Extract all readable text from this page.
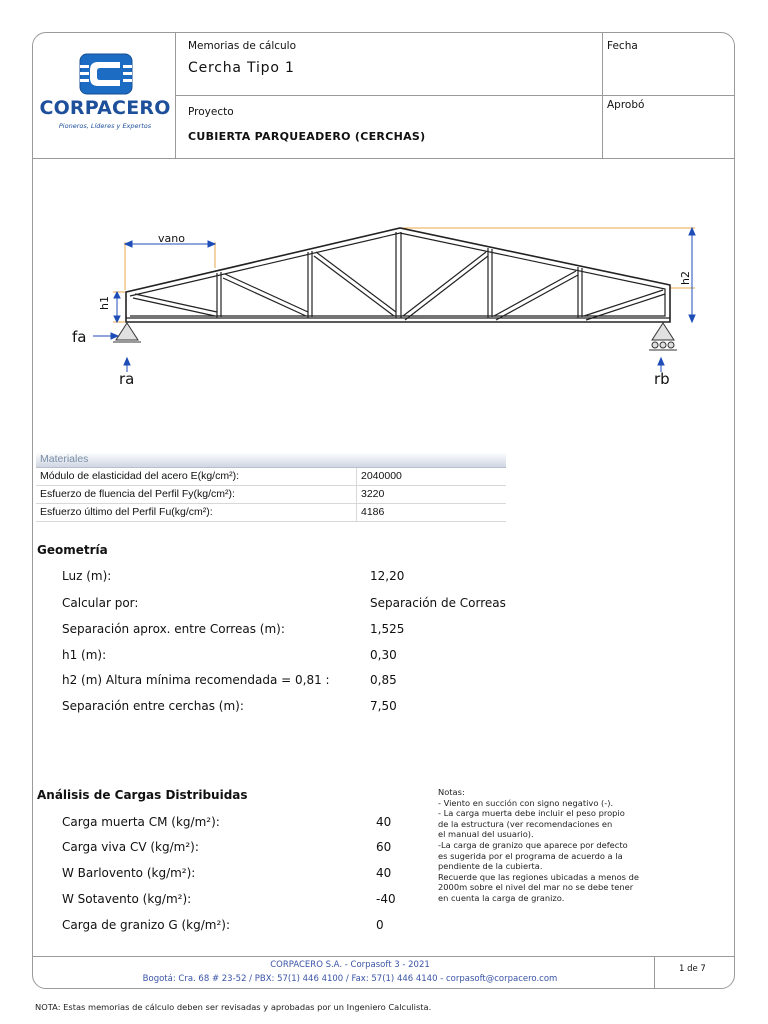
CORPACERO
Pioneros, Líderes y Expertos
Memorias de cálculo
Cercha Tipo 1
Proyecto
CUBIERTA PARQUEADERO (CERCHAS)
Fecha
Aprobó
vano
h1
h2
fa
ra	rb
Materiales
Módulo de elasticidad del acero E(kg/cm²):	2040000
Esfuerzo de fluencia del Perfil Fy(kg/cm²):	3220
Esfuerzo último del Perfil Fu(kg/cm²):	4186
Geometría
Luz (m):	12,20
Calcular por:	Separación de Correas
Separación aprox. entre Correas (m):	1,525
h1 (m):	0,30
h2 (m) Altura mínima recomendada = 0,81 :	0,85
Separación entre cerchas (m):	7,50
Análisis de Cargas Distribuidas
Carga muerta CM (kg/m²):	40
Carga viva CV (kg/m²):	60
W Barlovento (kg/m²):	40
W Sotavento (kg/m²):	-40
Carga de granizo G (kg/m²):	0
Notas:
- Viento en succión con signo negativo (-).
- La carga muerta debe incluir el peso propio
de la estructura (ver recomendaciones en
el manual del usuario).
-La carga de granizo que aparece por defecto
es sugerida por el programa de acuerdo a la
pendiente de la cubierta.
Recuerde que las regiones ubicadas a menos de
2000m sobre el nivel del mar no se debe tener
en cuenta la carga de granizo.
CORPACERO S.A. - Corpasoft 3 - 2021
Bogotá: Cra. 68 # 23-52 / PBX: 57(1) 446 4100 / Fax: 57(1) 446 4140 - corpasoft@corpacero.com
1 de 7
NOTA: Estas memorias de cálculo deben ser revisadas y aprobadas por un Ingeniero Calculista.
